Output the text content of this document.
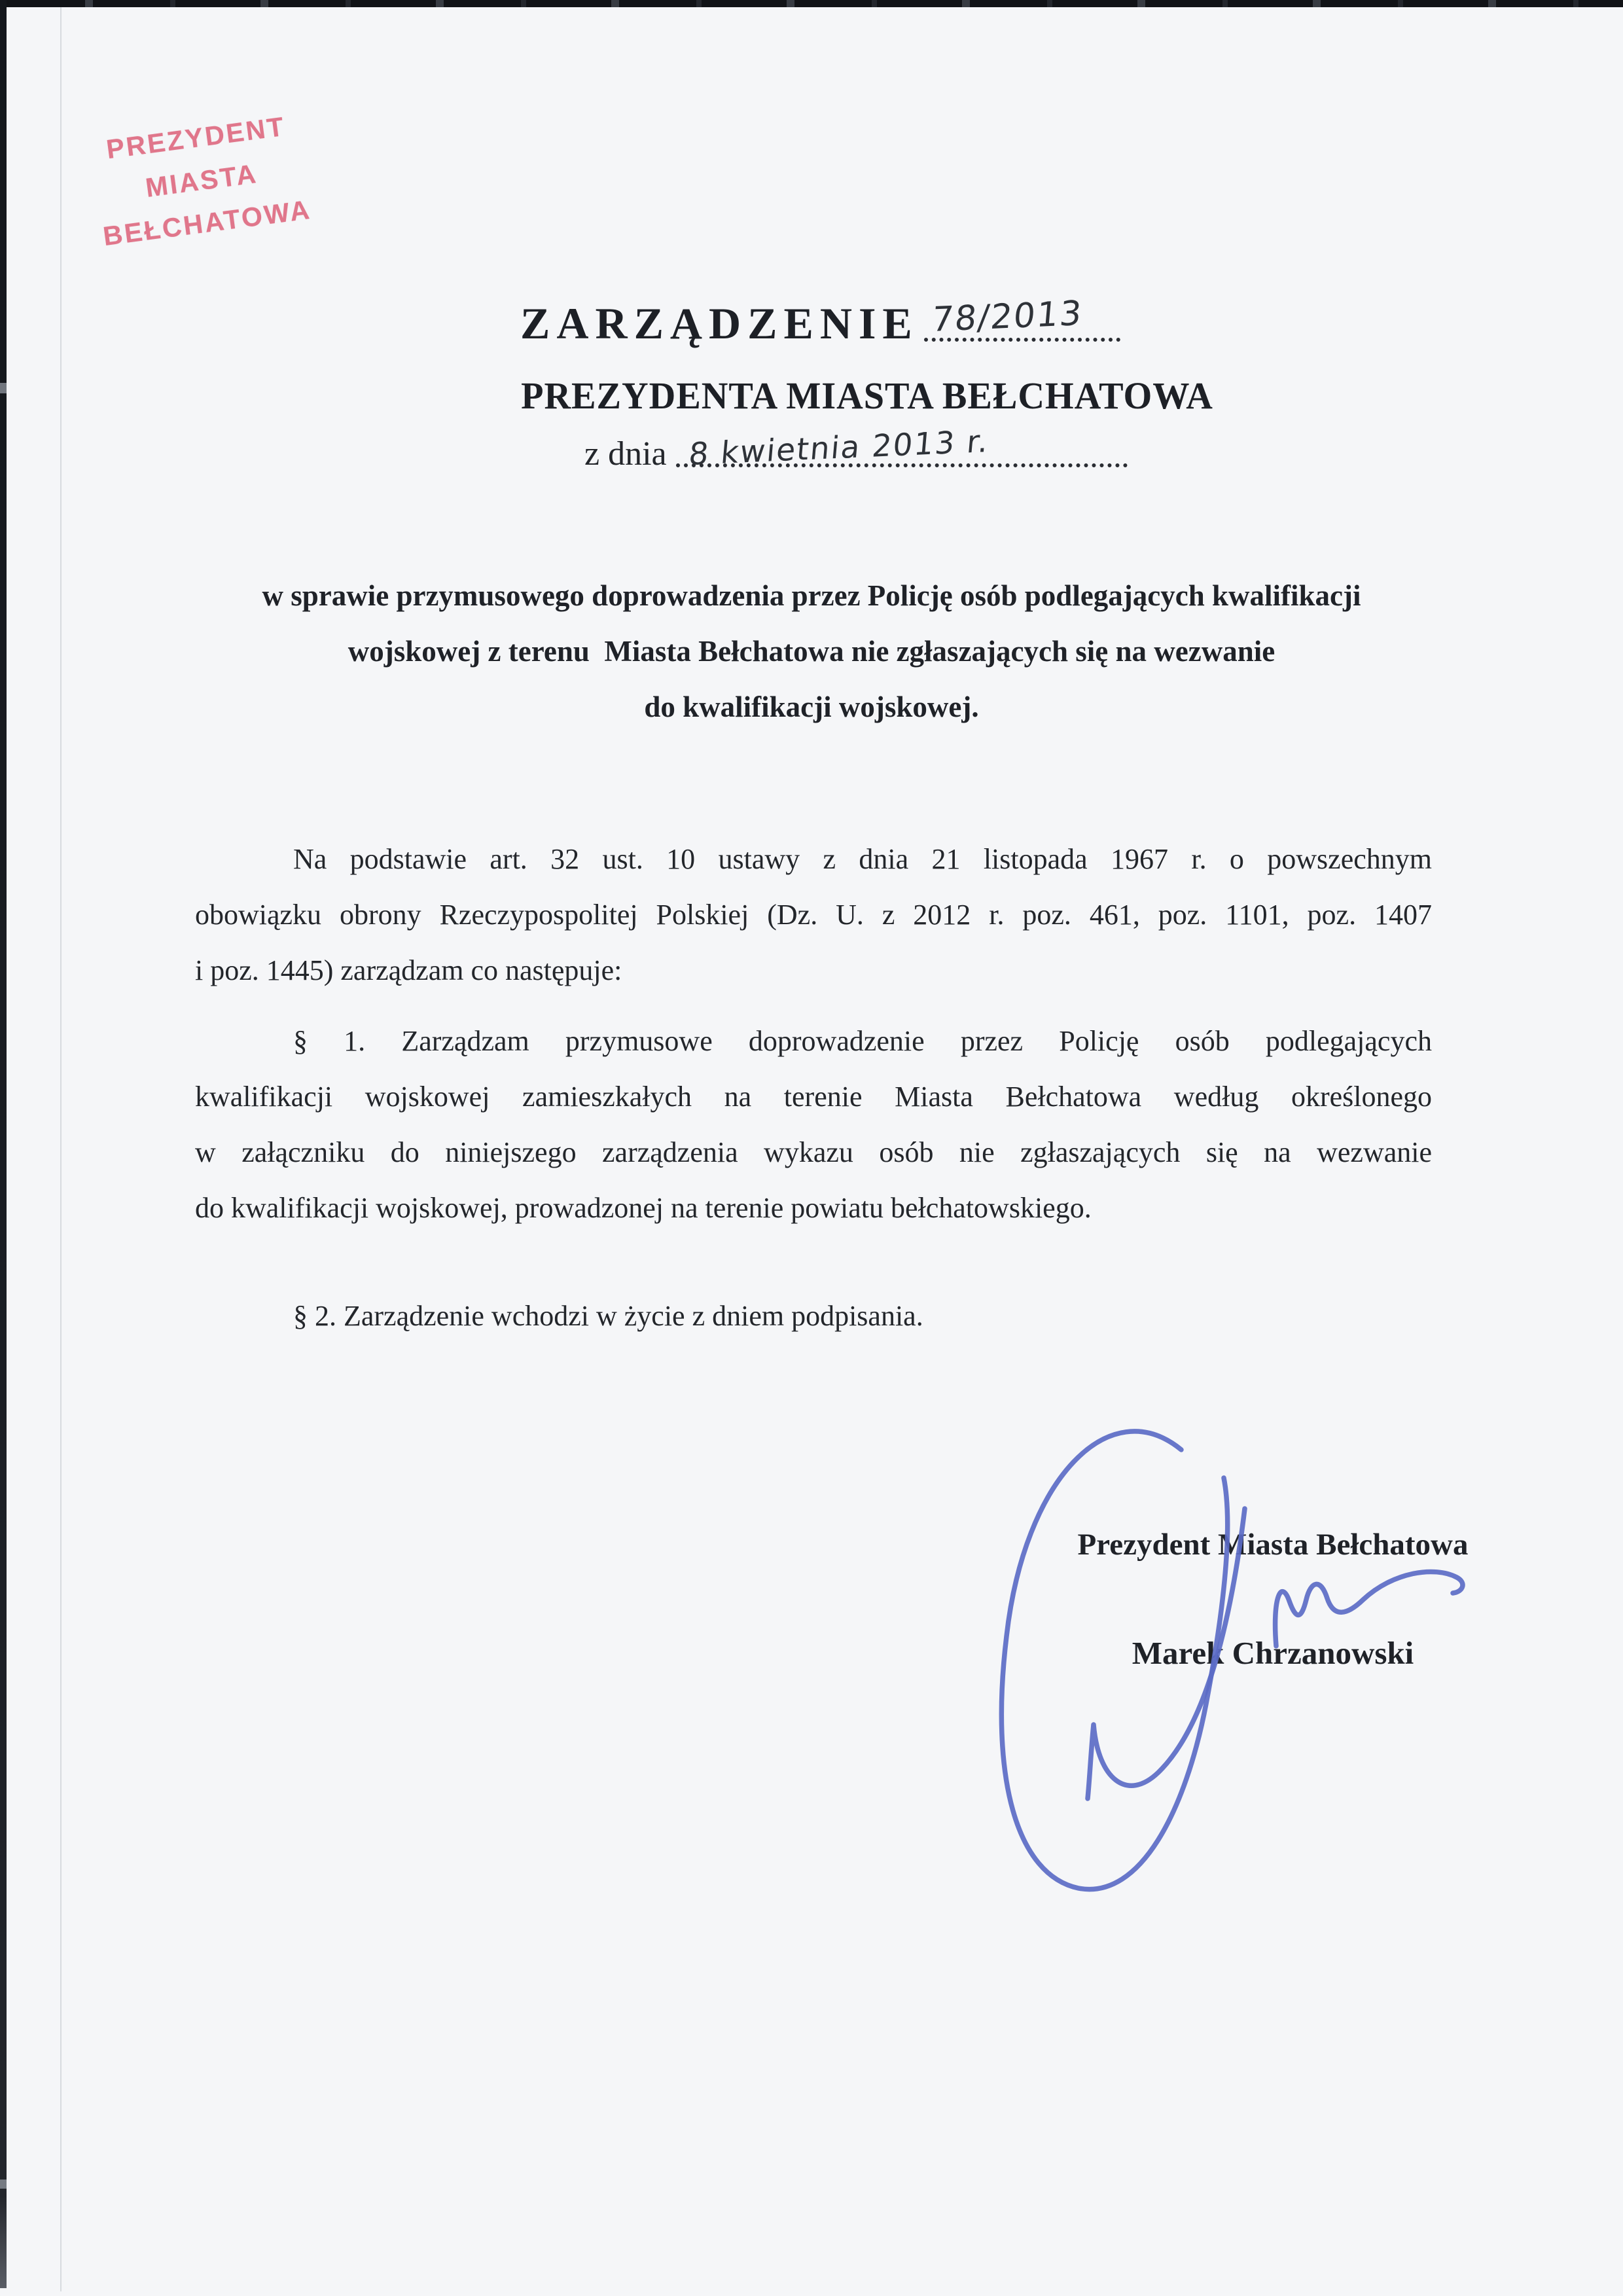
PREZYDENT MIASTA
BEŁCHATOWA
ZARZĄDZENIE 78/2013
PREZYDENTA MIASTA BEŁCHATOWA
z dnia 8 kwietnia 2013 r.
w sprawie przymusowego doprowadzenia przez Policję osób podlegających kwalifikacji
wojskowej z terenu  Miasta Bełchatowa nie zgłaszających się na wezwanie
do kwalifikacji wojskowej.
Na podstawie art. 32 ust. 10 ustawy z dnia 21 listopada 1967 r. o powszechnym
obowiązku obrony Rzeczypospolitej Polskiej (Dz. U. z 2012 r. poz. 461, poz. 1101, poz. 1407
i poz. 1445) zarządzam co następuje:
§ 1. Zarządzam przymusowe doprowadzenie przez Policję osób podlegających
kwalifikacji wojskowej zamieszkałych na terenie Miasta Bełchatowa według określonego
w załączniku do niniejszego zarządzenia wykazu osób nie zgłaszających się na wezwanie
do kwalifikacji wojskowej, prowadzonej na terenie powiatu bełchatowskiego.
§ 2. Zarządzenie wchodzi w życie z dniem podpisania.
Prezydent Miasta Bełchatowa
Marek Chrzanowski
